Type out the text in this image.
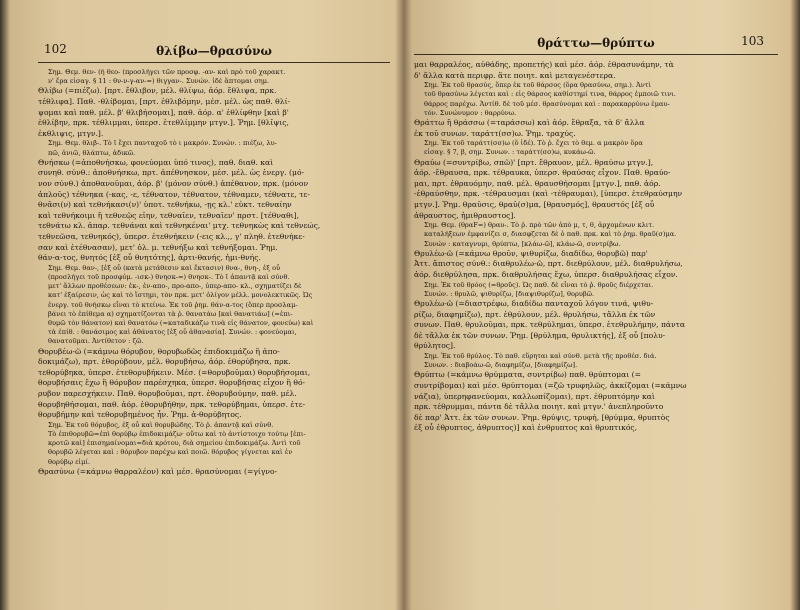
102	θλίβω—θρασύνω

Σημ. Θεμ. θεν- (ή θεο- (προσλήγει τῶν προσφ. -αν- καὶ πρὸ τοῦ χαρακτ.

ν' ἔρα εἰσαγ. § 11 : θν-ν-γ-αν-=) θιγγαν-. Συνών. ἰδὲ ἅπτομαι σημ.

Θλίβω (=πιέζω). [πρτ. ἔθλιβον, μέλ. θλίψω, ἀόρ. ἔθλιψα, πρκ.

τέθλιφα]. Παθ. -θλίβομαι, [πρτ. ἐθλιβόμην, μέσ. μέλ. ὡς παθ. θλί-

ψομαι καὶ παθ. μέλ. β' θλιβήσομαι], παθ. ἀόρ. α' ἐθλίφθην [καὶ β'

ἐθλίβην, πρκ. τέθλιμμαι, ὑπερσ. ἐτεθλίμμην μτγν.]. Ῥημ. [θλῖψις,

ἐκθλιψις, μτγν.].

Σημ. Θεμ. θλιβ-. Τὸ ῑ ἔχει πανταχοῦ τὸ ι μακρόν. Συνών. : πιέζω, λυ-

πῶ, ἀνιῶ, θλάπτω, ἀδικῶ.

Θνήσκω (=ἀποθνήσκω, φονεύομαι ὑπό τινος), παθ. διαθ. καὶ

συνηθ. σύνθ.: ἀποθνήσκω, πρτ. ἀπέθνησκον, μέσ. μέλ. ὡς ἐνεργ. (μό-

νον σύνθ.) ἀποθανοῦμαι, ἀόρ. β' (μόνον σύνθ.) ἀπέθανον, πρκ. (μόνον

ἁπλοῦς) τέθνηκα (-κας, -ε, τέθνατον, τέθνατον, τέθναμεν, τέθνατε, τε-

θνᾶσι(ν) καὶ τεθνήκασι(ν)' ὑποτ. τεθνήκω, -ῃς κλ.' εὐκτ. τεθναίην

καὶ τεθνήκοιμι ἢ τεθνεῷς εἰην, τεθναῖεν, τεθναῖεν' πρστ. [τέθναθι],

τεθνάτω κλ. ἀπαρ. τεθνάναι καὶ τεθνηκέναι' μτχ. τεθνηκὼς καὶ τεθνεώς,

τεθνεῶσα, τεθνηκός), ὑπερσ. ἐτεθνήκειν (-εις κλ.,, γ' πληθ. ἐτεθνήκε-

σαν καὶ ἐτέθνασαν), μετ' ὀλ. μ. τεθνήξω καὶ τεθνήξομαι. Ῥημ.

θάν-α-τος, θνητός [ἐξ οὗ θνητότης], ἀρτι-θανής, ἡμι-θνής.

Σημ. Θεμ. θαν-, [ἐξ οὗ (κατὰ μετάθεσιν καὶ ἔκτασιν) θνα-, θνη-, ἐξ οὗ

(προσλήγει τοῦ προσφύμ. -ισκ-) θνησκ-=) θνησκ-. Τὸ ῑ ἀπαντᾷ καὶ σύνθ.

μετ' ἄλλων προθέσεων: ἐκ-, ἐν-απο-, προ-απο-, ὑπερ-απο- κλ., σχηματίζει δὲ

κατ' ἐξαίρεσιν, ὡς καὶ τὸ ἵστημι, τὸν πρκ. μετ' ὀλίγον μέλλ. μονολεκτικῶς. Ὡς

ἐνεργ. τοῦ θνήσκω εἶναι τὸ κτείνω. Ἐκ τοῦ ῥημ. θάν-α-τος (ὅπερ προσλαμ-

βάνει τὸ ἐπίθεμα α) σχηματίζονται τὰ ῥ. θανατάω [καὶ θανατιάω] (=ἐπι-

θυμῶ τὸν θάνατον) καὶ θανατόω (=καταδικάζω τινὰ εἰς θάνατον, φονεύω) καὶ

τὰ ἐπίθ. : θανάσιμος καὶ ἀθάνατος [ἐξ οὗ ἀθανασία]. Συνών. : φονεύομαι,

θανατοῦμαι. Ἀντίθετον : ζῶ.

Θορυβέω-ῶ (=κάμνω θόρυβον, θορυβωδῶς ἐπιδοκιμάζω ἢ ἀπο-

δοκιμάζω), πρτ. ἐθορύβουν, μέλ. θορυβήσω, ἀόρ. ἐθορύβησα, πρκ.

τεθορύβηκα, ὑπερσ. ἐτεθορυβήκειν. Μέσ. (=θορυβοῦμαι) θορυβήσομαι,

θορυβήσαις ἔχω ἢ θόρυβον παρέσχηκα, ὑπερσ. θορυβήσας εἶχον ἢ θό-

ρυβον παρεσχήκειν. Παθ. θορυβοῦμαι, πρτ. ἐθορυβούμην, παθ. μέλ.

θορυβηθήσομαι, παθ. ἀόρ. ἐθορυβήθην, πρκ. τεθορύβημαι, ὑπερσ. ἐτε-

θορυβήμην καὶ τεθορυβημένος ἦν. Ῥημ. ἀ-θορύβητος.

Σημ. Ἐκ τοῦ θόρυβος, ἐξ οὗ καὶ θορυβώδης. Τὸ ῥ. ἀπαντᾷ καὶ σύνθ.

Τὸ ἐπιθορυβῶ=ἐπὶ θορύβῳ ἐπιδοκιμάζω· οὕτω καὶ τὸ ἀντίστοιχο τούτῳ [ἐπι-

κροτῶ καὶ] ἐπισημαίνομαι=διὰ κρότου, διὰ σημείου ἐπιδοκιμάζω. Ἀντὶ τοῦ

θορυβῶ λέγεται καὶ : θόρυβον παρέχω καὶ ποιῶ. θόρυβος γίγνεται καὶ ἐν

θορύβῳ εἰμί.

Θρασύνω (=κάμνω θαρραλέον) καὶ μέσ. θρασύνομαι (=γίγνο-

θράττω—θρύπτω	103

μαι θαρραλέος, αὐθάδης, προπετής) καὶ μέσ. ἀόρ. ἐθρασυνάμην, τὰ

δ' ἄλλα κατὰ περιφρ. ἅτε ποιητ. καὶ μεταγενέστερα.

Σημ. Ἐκ τοῦ θρασύς, ὅπερ ἐκ τοῦ θάρσος (ὅρα θρασύνω, σημ.). Ἀντὶ

τοῦ θρασύνω λέγεται καὶ : εἰς θάρσος καθίστημί τινα, θάρρος ἐμποιῶ τινι.

θάρρος παρέχω. Ἀντίθ. δὲ τοῦ μέσ. θρασύνομαι καὶ : παρακαρρύνω ἐμαυ-

τόν. Συνώνυμον : θαρρύνω.

Θράττω ἢ θράσσω (=ταράσσω) καὶ ἀόρ. ἔθραξα, τὰ δ' ἄλλα

ἐκ τοῦ συνων. ταράττ(σσ)ω. Ῥημ. τραχύς.

Σημ. Ἐκ τοῦ ταράττ(σσ)ω (ὅ ἰδέ). Τὸ ῥ. ἔχει τὸ θεμ. α μακρὸν ὅρα

εἰσαγ. § 7, β, σημ. Συνων. : ταράττ(σσ)ω, κυκάω-ῶ.

Θραύω (=συντρίβω, σπῶ)' [πρτ. ἔθραυον, μέλ. θραύσω μτγν.],

ἀόρ. -ἔθραυσα, πρκ. τέθραυκα, ὑπερσ. θραύσας εἶχον. Παθ. θραύο-

μαι, πρτ. ἐθραυόμην, παθ. μέλ. θραυσθήσομαι [μτγν.], παθ. ἀόρ.

-ἐθραύσθην, πρκ. -τέθραυσμαι (καὶ -τέθραυμαι), [ὑπερσ. ἐτεθραύσμην

μτγν.]. Ῥημ. θραῦσις, θραῦ(σ)μα, [θραυσμός], θραυστός [ἐξ οὗ

ἀθραυστος, ἡμιθραυστος].

Σημ. Θεμ. (θραF=) θραυ-. Τὸ ῥ. πρὸ τῶν ἀπὸ μ, τ, θ, ἀρχομένων κλιτ.

καταλήξεων ἐμφανίζει σ, διασφζεται δὲ ὁ παθ. πρκ. καὶ τὸ ῥημ. θραῦ(σ)μα.

Συνών : καταγνυμι, θρύπτω, [κλάω-ῶ], κλάω-ῶ, συντρίβω.

Θρυλέω-ῶ (=κάμνω θροῦν, ψιθυρίζω, διαδίδω, θορυβῶ) παρ'

Ἀττ. ἄπιστος σύνθ.: διαθρυλέω-ῶ, πρτ. διεθρύλουν, μέλ. διαθρυλήσω,

ἀόρ. διεθρύλησα, πρκ. διαθρυλήσας ἔχω, ὑπερσ. διαθρυλήσας εἶχον.

Σημ. Ἐκ τοῦ θρόος (=θροῦς). Ὡς παθ. δὲ εἶναι τὸ ῥ. θροῦς διέρχεται.

Συνών. : θρυλῶ, ψιθυρίζω, [διαψιθυρίζω], θορυβῶ.

Θρυλέω-ῶ (=διαστρέφω, διαδίδω πανταχοῦ λόγον τινά, ψιθυ-

ρίζω, διαφημίζω), πρτ. ἐθρύλουν, μέλ. θρυλήσω, τἄλλα ἐκ τῶν

συνων. Παθ. θρυλοῦμαι, πρκ. τεθρύλημαι, ὑπερσ. ἐτεθρυλήμην, πάντα

δὲ τἄλλα ἐκ τῶν συνων. Ῥημ. [θρύλημα, θρυλικτής], ἐξ οὗ [πολυ-

θρύλητος].

Σημ. Ἐκ τοῦ θρύλος. Τὸ παθ. εὕρηται καὶ σύνθ. μετὰ τῆς προθέσ. διά.

Συνων. : διαβοάω-ῶ, διαφημίζω, [διαφημίζω].

Θρύπτω (=κάμνω θρύμματα, συντρίβω) παθ. θρύπτομαι (=

συντρίβομαι) καὶ μέσ. θρύπτομαι (=ζῶ τρυφηλῶς, ἀκκίζομαι (=κάμνω

νάζια), ὑπερηφανεύομαι, καλλωπίζομαι), πρτ. ἐθρυπτόμην καὶ

πρκ. τέθρυμμαι, πάντα δὲ τἄλλα ποιητ. καὶ μτγν.' ἀνεπληροῦντο

δὲ παρ' Ἀττ. ἐκ τῶν συνων. Ῥημ. θρύψις, τρυφή, [θρύμμα, θρυπτὸς

ἐξ οὗ ἐθρυπτος, ἀθρυπτος)] καὶ ἐνθρυπτος καὶ θρυπτικός,
